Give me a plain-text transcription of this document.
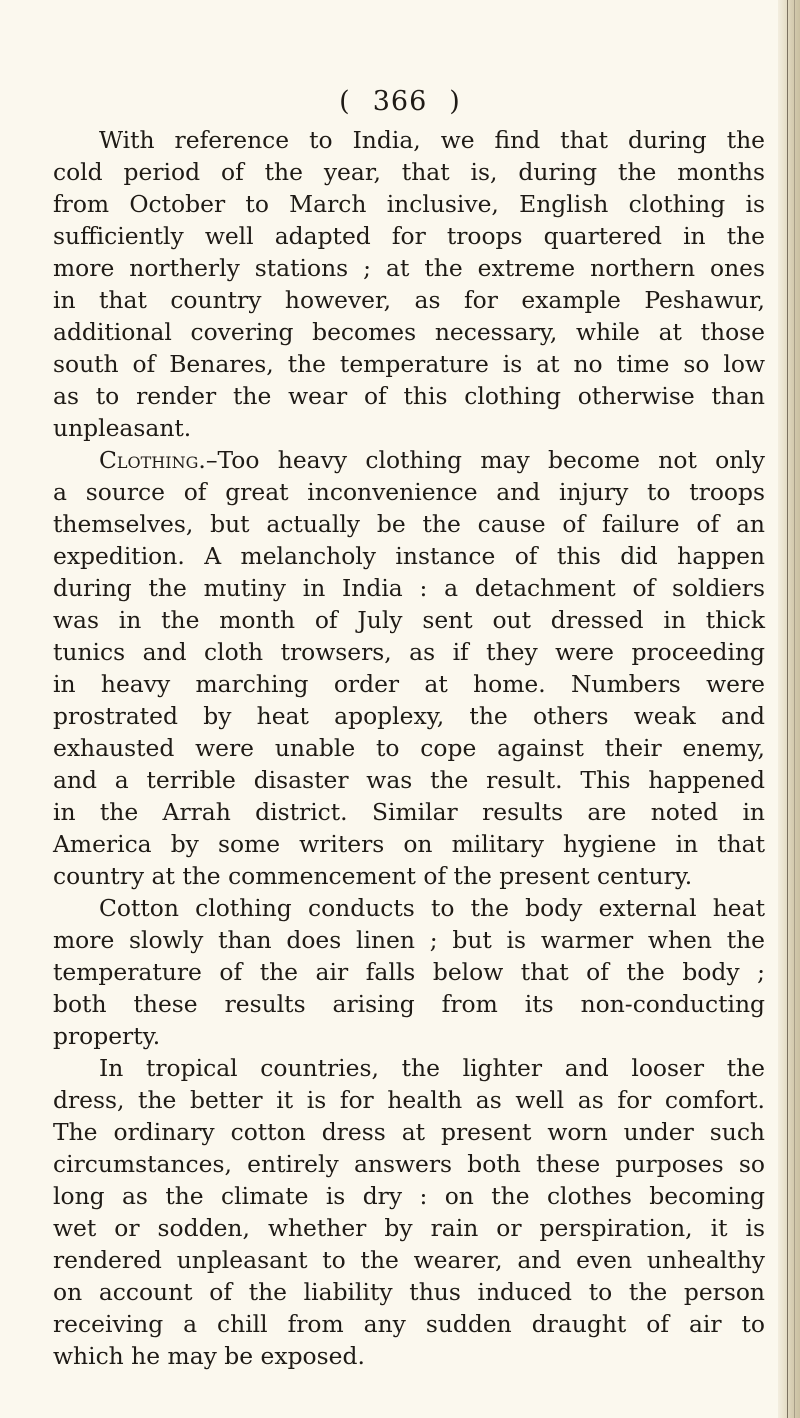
( 366 )
With reference to India, we find that during the
cold period of the year, that is, during the months
from October to March inclusive, English clothing is
sufficiently well adapted for troops quartered in the
more northerly stations ; at the extreme northern ones
in that country however, as for example Peshawur,
additional covering becomes necessary, while at those
south of Benares, the temperature is at no time so low
as to render the wear of this clothing otherwise than
unpleasant.
Clothing.–Too heavy clothing may become not only
a source of great inconvenience and injury to troops
themselves, but actually be the cause of failure of an
expedition. A melancholy instance of this did happen
during the mutiny in India : a detachment of soldiers
was in the month of July sent out dressed in thick
tunics and cloth trowsers, as if they were proceeding
in heavy marching order at home. Numbers were
prostrated by heat apoplexy, the others weak and
exhausted were unable to cope against their enemy,
and a terrible disaster was the result. This happened
in the Arrah district. Similar results are noted in
America by some writers on military hygiene in that
country at the commencement of the present century.
Cotton clothing conducts to the body external heat
more slowly than does linen ; but is warmer when the
temperature of the air falls below that of the body ;
both these results arising from its non-conducting
property.
In tropical countries, the lighter and looser the
dress, the better it is for health as well as for comfort.
The ordinary cotton dress at present worn under such
circumstances, entirely answers both these purposes so
long as the climate is dry : on the clothes becoming
wet or sodden, whether by rain or perspiration, it is
rendered unpleasant to the wearer, and even unhealthy
on account of the liability thus induced to the person
receiving a chill from any sudden draught of air to
which he may be exposed.
